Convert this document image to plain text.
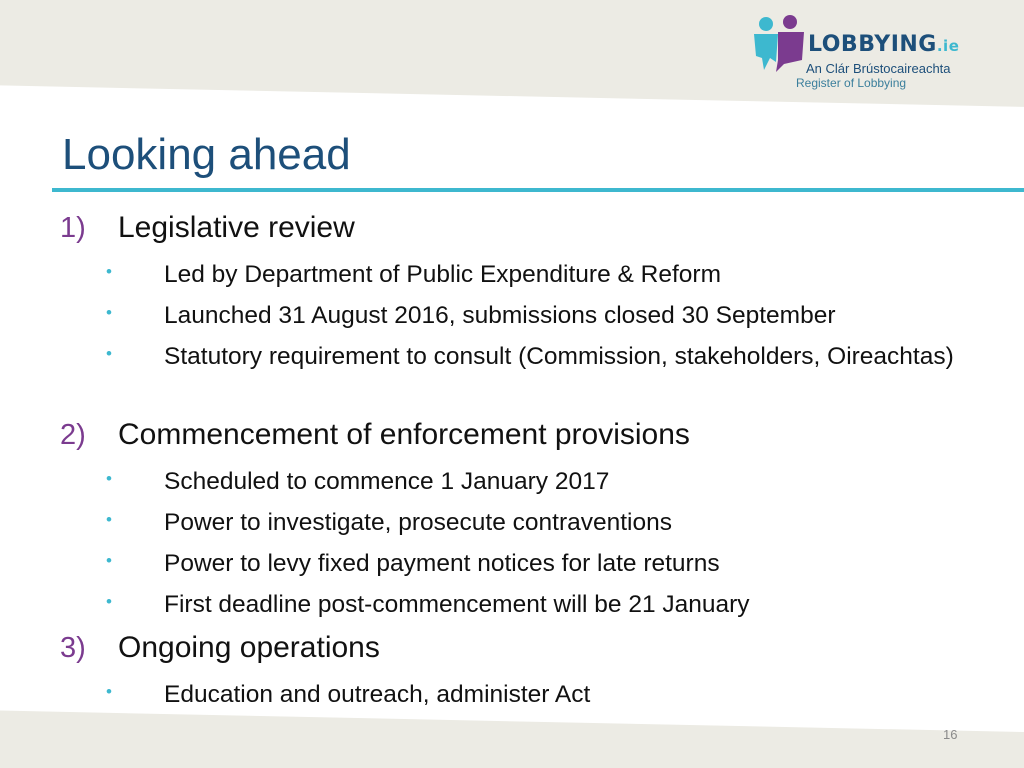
LOBBYING.ie
An Clár Brústocaireachta
Register of Lobbying
Looking ahead
1) Legislative review
• Led by Department of Public Expenditure & Reform
• Launched 31 August 2016, submissions closed 30 September
• Statutory requirement to consult (Commission, stakeholders, Oireachtas)
2) Commencement of enforcement provisions
• Scheduled to commence 1 January 2017
• Power to investigate, prosecute contraventions
• Power to levy fixed payment notices for late returns
• First deadline post-commencement will be 21 January
3) Ongoing operations
• Education and outreach, administer Act
16
